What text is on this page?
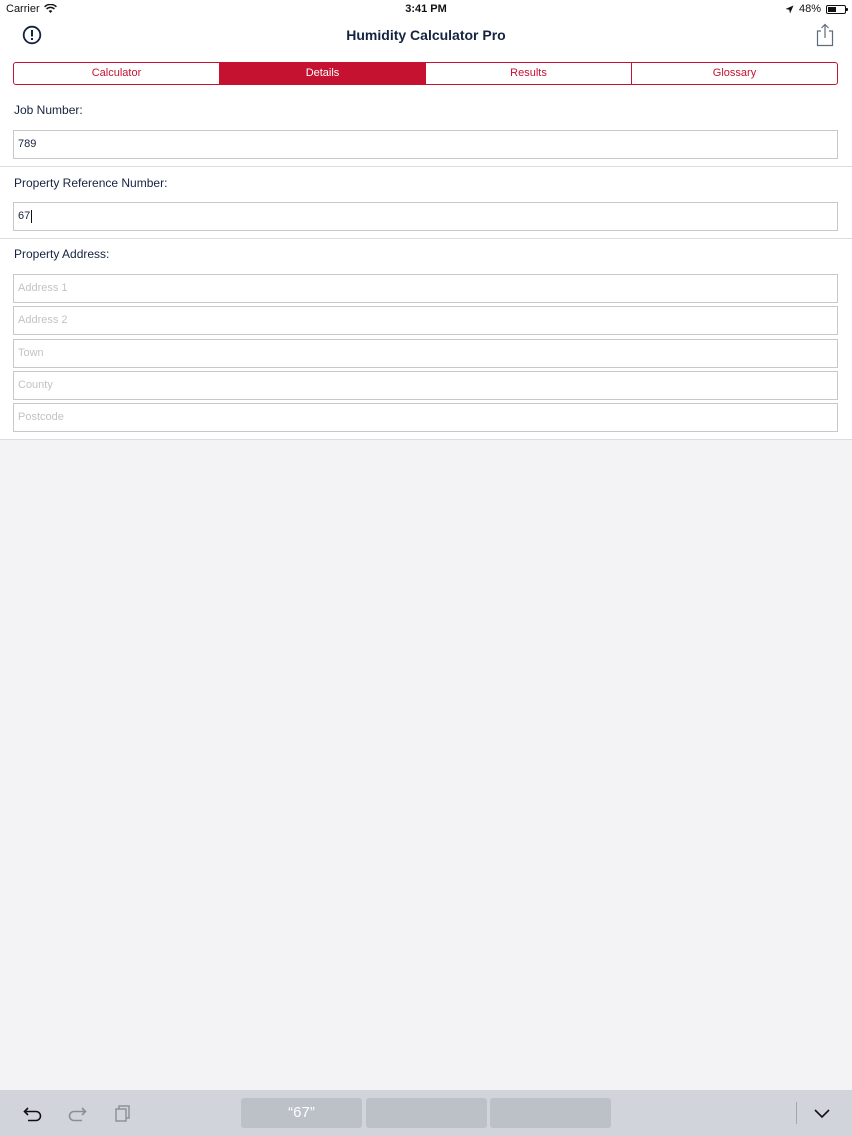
Carrier	3:41 PM	48%
Humidity Calculator Pro
Calculator	Details	Results	Glossary
Job Number:
789
Property Reference Number:
67
Property Address:
Address 1
Address 2
Town
County
Postcode
“67”
